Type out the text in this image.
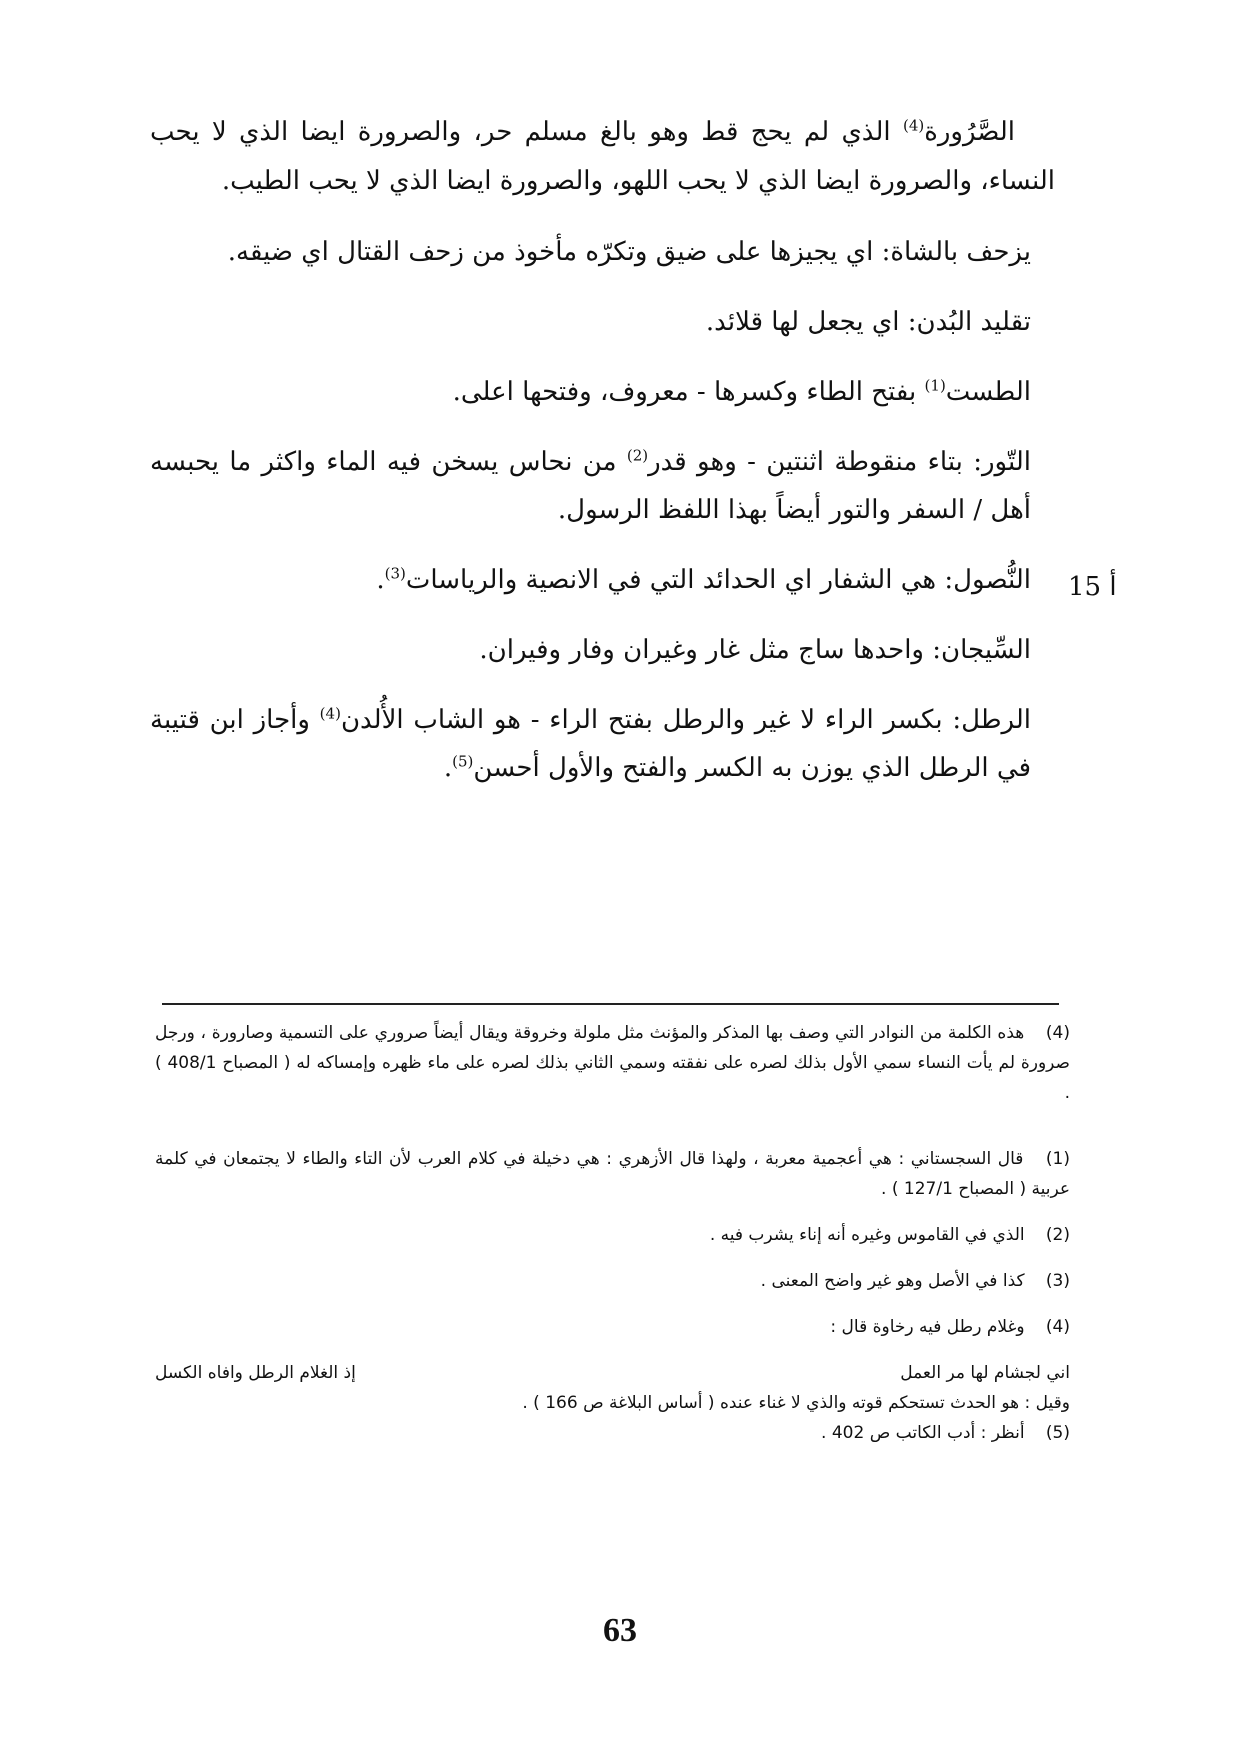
الصَّرُورة$^{(4)}$ الذي لم يحج قط وهو بالغ مسلم حر، والصرورة ايضا الذي لا يحب النساء، والصرورة ايضا الذي لا يحب اللهو، والصرورة ايضا الذي لا يحب الطيب.

يزحف بالشاة: اي يجيزها على ضيق وتكرّه مأخوذ من زحف القتال اي ضيقه.

تقليد البُدن: اي يجعل لها قلائد.

الطست$^{(1)}$ بفتح الطاء وكسرها - معروف، وفتحها اعلى.

التّور: بتاء منقوطة اثنتين - وهو قدر$^{(2)}$ من نحاس يسخن فيه الماء واكثر ما يحبسه أهل / السفر والتور أيضاً بهذا اللفظ الرسول.

النُّصول: هي الشفار اي الحدائد التي في الانصية والرياسات$^{(3)}$.

السِّيجان: واحدها ساج مثل غار وغيران وفار وفيران.

الرطل: بكسر الراء لا غير والرطل بفتح الراء - هو الشاب الأُلدن$^{(4)}$ وأجاز ابن قتيبة في الرطل الذي يوزن به الكسر والفتح والأول أحسن$^{(5)}$.

15 أ

(4) هذه الكلمة من النوادر التي وصف بها المذكر والمؤنث مثل ملولة وخروقة ويقال أيضاً صروري على التسمية وصارورة ، ورجل صرورة لم يأت النساء سمي الأول بذلك لصره على نفقته وسمي الثاني بذلك لصره على ماء ظهره وإمساكه له ( المصباح 408/1 ) .

(1) قال السجستاني : هي أعجمية معربة ، ولهذا قال الأزهري : هي دخيلة في كلام العرب لأن التاء والطاء لا يجتمعان في كلمة عربية ( المصباح 127/1 ) .

(2) الذي في القاموس وغيره أنه إناء يشرب فيه .

(3) كذا في الأصل وهو غير واضح المعنى .

(4) وغلام رطل فيه رخاوة قال :

اني لجشام لها مر العمل
إذ الغلام الرطل وافاه الكسل

وقيل : هو الحدث تستحكم قوته والذي لا غناء عنده ( أساس البلاغة ص 166 ) .

(5) أنظر : أدب الكاتب ص 402 .

63
